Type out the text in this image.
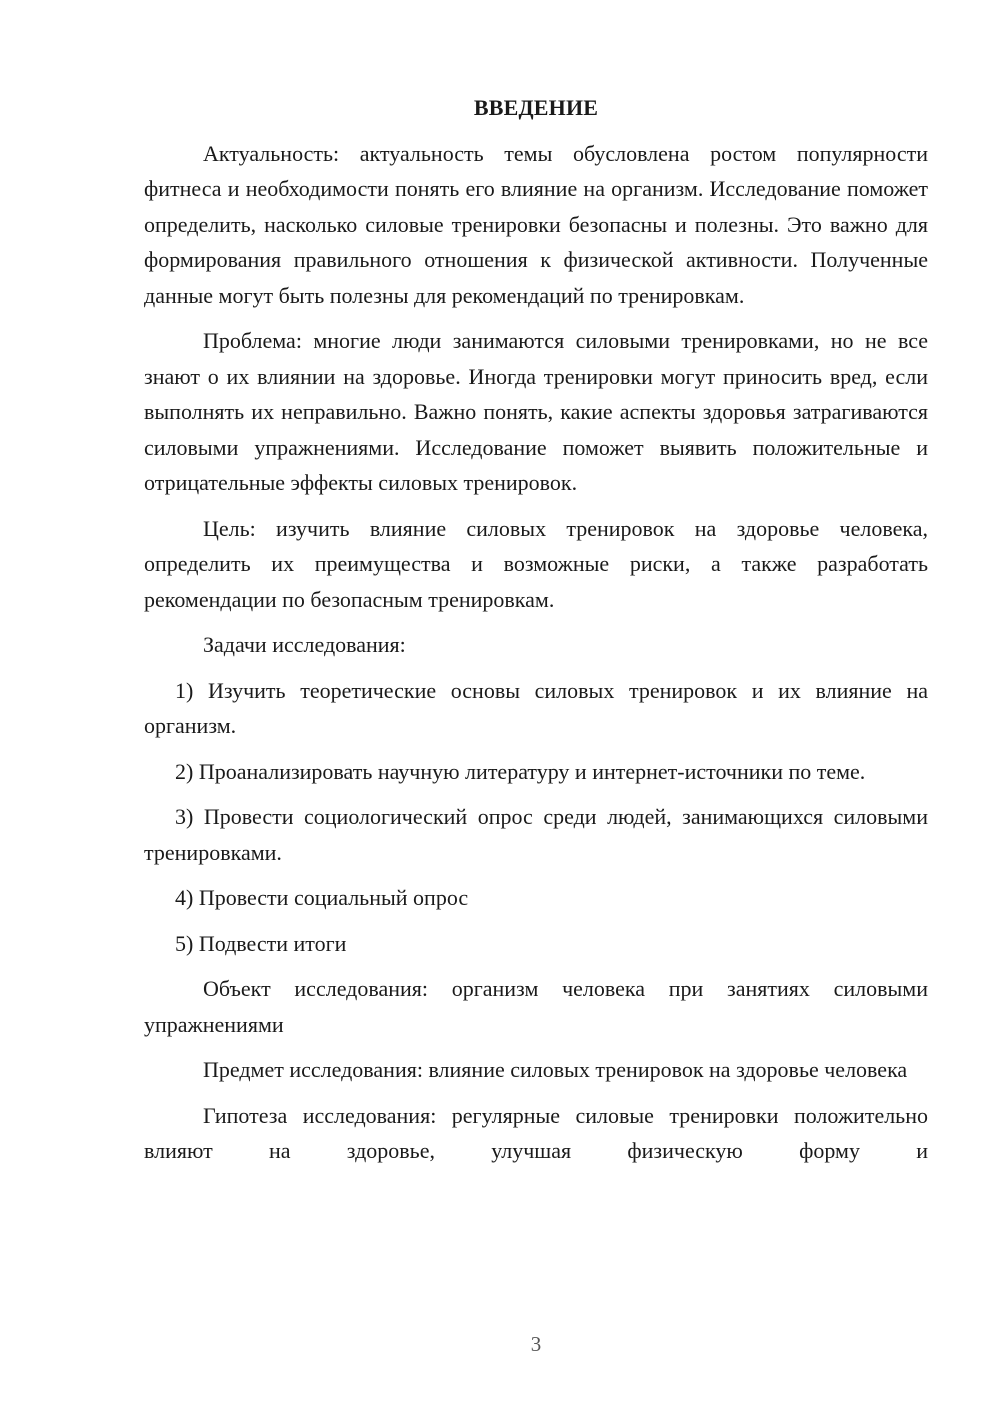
ВВЕДЕНИЕ
Актуальность: актуальность темы обусловлена ростом популярности фитнеса и необходимости понять его влияние на организм. Исследование поможет определить, насколько силовые тренировки безопасны и полезны. Это важно для формирования правильного отношения к физической активности. Полученные данные могут быть полезны для рекомендаций по тренировкам.
Проблема: многие люди занимаются силовыми тренировками, но не все знают о их влиянии на здоровье. Иногда тренировки могут приносить вред, если выполнять их неправильно. Важно понять, какие аспекты здоровья затрагиваются силовыми упражнениями. Исследование поможет выявить положительные и отрицательные эффекты силовых тренировок.
Цель: изучить влияние силовых тренировок на здоровье человека, определить их преимущества и возможные риски, а также разработать рекомендации по безопасным тренировкам.
Задачи исследования:
1) Изучить теоретические основы силовых тренировок и их влияние на организм.
2) Проанализировать научную литературу и интернет-источники по теме.
3) Провести социологический опрос среди людей, занимающихся силовыми тренировками.
4) Провести социальный опрос
5) Подвести итоги
Объект исследования: организм человека при занятиях силовыми упражнениями
Предмет исследования: влияние силовых тренировок на здоровье человека
Гипотеза исследования: регулярные силовые тренировки положительно влияют на здоровье, улучшая физическую форму и
3
